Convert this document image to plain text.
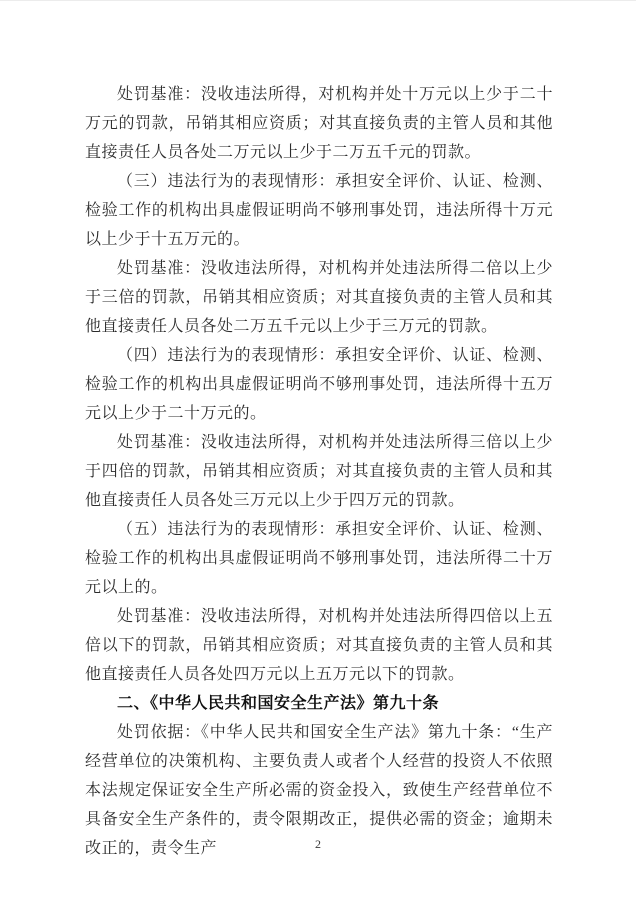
处罚基准：没收违法所得，对机构并处十万元以上少于二十万元的罚款，吊销其相应资质；对其直接负责的主管人员和其他直接责任人员各处二万元以上少于二万五千元的罚款。

（三）违法行为的表现情形：承担安全评价、认证、检测、检验工作的机构出具虚假证明尚不够刑事处罚，违法所得十万元以上少于十五万元的。

处罚基准：没收违法所得，对机构并处违法所得二倍以上少于三倍的罚款，吊销其相应资质；对其直接负责的主管人员和其他直接责任人员各处二万五千元以上少于三万元的罚款。

（四）违法行为的表现情形：承担安全评价、认证、检测、检验工作的机构出具虚假证明尚不够刑事处罚，违法所得十五万元以上少于二十万元的。

处罚基准：没收违法所得，对机构并处违法所得三倍以上少于四倍的罚款，吊销其相应资质；对其直接负责的主管人员和其他直接责任人员各处三万元以上少于四万元的罚款。

（五）违法行为的表现情形：承担安全评价、认证、检测、检验工作的机构出具虚假证明尚不够刑事处罚，违法所得二十万元以上的。

处罚基准：没收违法所得，对机构并处违法所得四倍以上五倍以下的罚款，吊销其相应资质；对其直接负责的主管人员和其他直接责任人员各处四万元以上五万元以下的罚款。

二、《中华人民共和国安全生产法》第九十条

处罚依据：《中华人民共和国安全生产法》第九十条：“生产经营单位的决策机构、主要负责人或者个人经营的投资人不依照本法规定保证安全生产所必需的资金投入，致使生产经营单位不具备安全生产条件的，责令限期改正，提供必需的资金；逾期未改正的，责令生产	2
